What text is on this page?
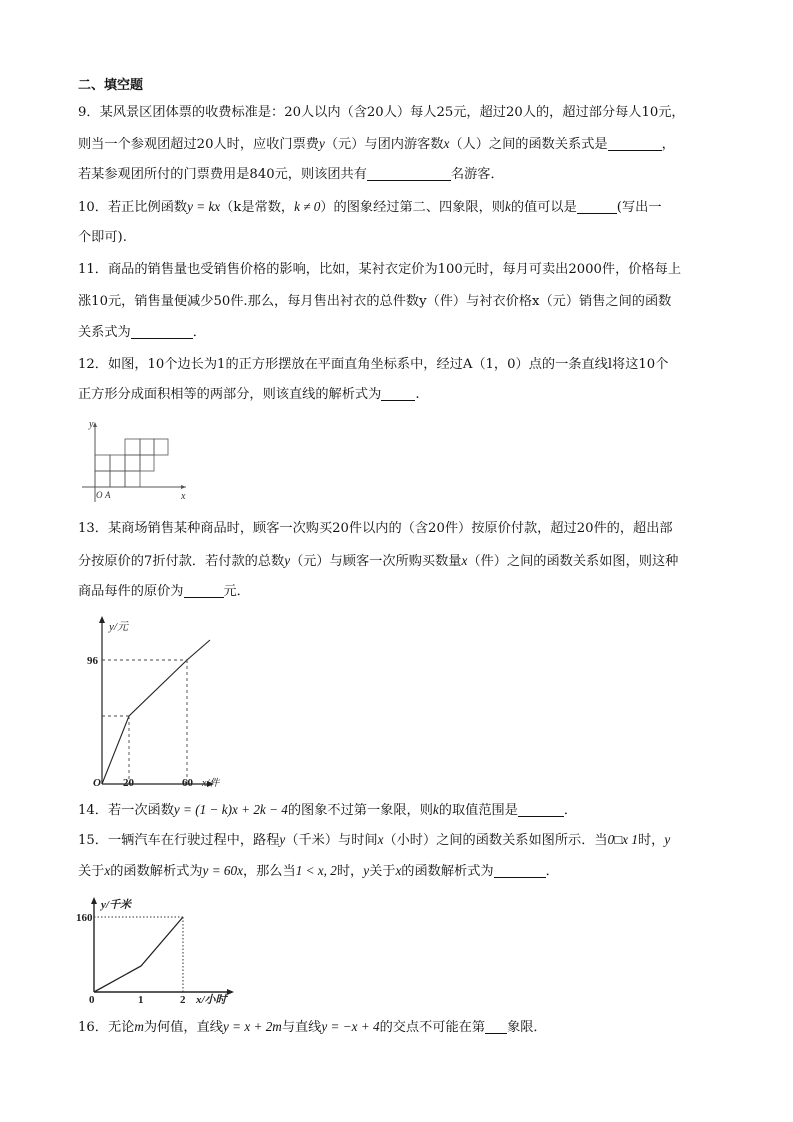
二、填空题
9．某风景区团体票的收费标准是：20人以内（含20人）每人25元，超过20人的，超过部分每人10元，
则当一个参观团超过20人时，应收门票费y（元）与团内游客数x（人）之间的函数关系式是	，
若某参观团所付的门票费用是840元，则该团共有	名游客．
10．若正比例函数y = kx（k是常数，k ≠ 0）的图象经过第二、四象限，则k的值可以是	(写出一
个即可).
11．商品的销售量也受销售价格的影响，比如，某衬衣定价为100元时，每月可卖出2000件，价格每上
涨10元，销售量便减少50件.那么，每月售出衬衣的总件数y（件）与衬衣价格x（元）销售之间的函数
关系式为	．
12．如图，10个边长为1的正方形摆放在平面直角坐标系中，经过A（1，0）点的一条直线l将这10个
正方形分成面积相等的两部分，则该直线的解析式为	.
y
x
O A
13．某商场销售某种商品时，顾客一次购买20件以内的（含20件）按原价付款，超过20件的，超出部
分按原价的7折付款．若付款的总数y（元）与顾客一次所购买数量x（件）之间的函数关系如图，则这种
商品每件的原价为	元．
y/元
96
O 20	60 x/件
14．若一次函数y = (1 − k)x + 2k − 4的图象不过第一象限，则k的取值范围是	．
15．一辆汽车在行驶过程中，路程y（千米）与时间x（小时）之间的函数关系如图所示．当0□x 1时，y
关于x的函数解析式为y = 60x，那么当1 < x, 2时，y关于x的函数解析式为	．
y/千米
160
0	1	2 x/小时
16．无论m为何值，直线y = x + 2m与直线y = −x + 4的交点不可能在第 象限．
